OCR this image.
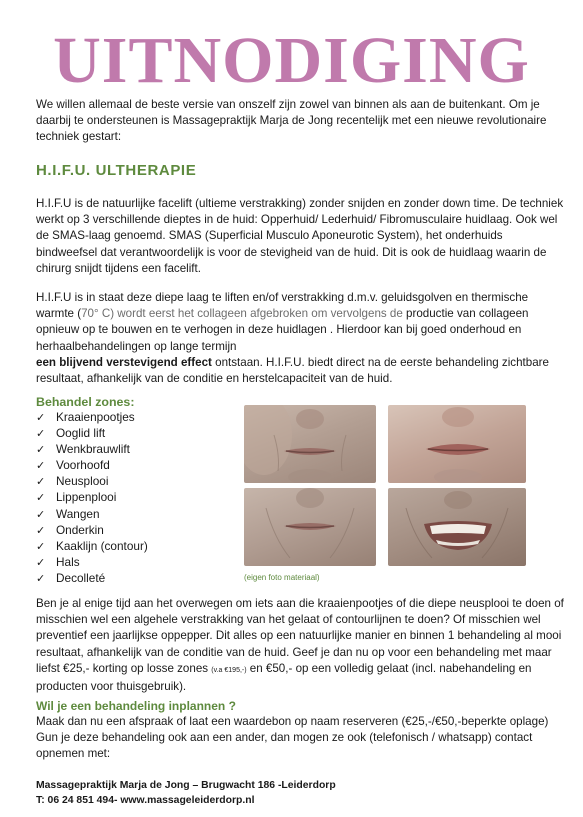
UITNODIGING

We willen allemaal de beste versie van onszelf zijn zowel van binnen als aan de buitenkant. Om je daarbij te ondersteunen is Massagepraktijk Marja de Jong recentelijk met een nieuwe revolutionaire techniek gestart:

H.I.F.U. ULTHERAPIE

H.I.F.U is de natuurlijke facelift (ultieme verstrakking) zonder snijden en zonder down time. De techniek werkt op 3 verschillende dieptes in de huid: Opperhuid/ Lederhuid/ Fibromusculaire huidlaag. Ook wel de SMAS-laag genoemd. SMAS (Superficial Musculo Aponeurotic System), het onderhuids bindweefsel dat verantwoordelijk is voor de stevigheid van de huid. Dit is ook de huidlaag waarin de chirurg snijdt tijdens een facelift.

H.I.F.U is in staat deze diepe laag te liften en/of verstrakking d.m.v. geluidsgolven en thermische warmte (70° C) wordt eerst het collageen afgebroken om vervolgens de productie van collageen opnieuw op te bouwen en te verhogen in deze huidlagen . Hierdoor kan bij goed onderhoud en herhaalbehandelingen op lange termijn
een blijvend verstevigend effect ontstaan. H.I.F.U. biedt direct na de eerste behandeling zichtbare resultaat, afhankelijk van de conditie en herstelcapaciteit van de huid.

Behandel zones:
✓ Kraaienpootjes
✓ Ooglid lift
✓ Wenkbrauwlift
✓ Voorhoofd
✓ Neusplooi
✓ Lippenplooi
✓ Wangen
✓ Onderkin
✓ Kaaklijn (contour)
✓ Hals
✓ Decolleté	(eigen foto materiaal)

Ben je al enige tijd aan het overwegen om iets aan die kraaienpootjes of die diepe neusplooi te doen of misschien wel een algehele verstrakking van het gelaat of contourlijnen te doen? Of misschien wel preventief een jaarlijkse oppepper. Dit alles op een natuurlijke manier en binnen 1 behandeling al mooi resultaat, afhankelijk van de conditie van de huid. Geef je dan nu op voor een behandeling met maar liefst €25,- korting op losse zones (v.a €195,-) en €50,- op een volledig gelaat (incl. nabehandeling en producten voor thuisgebruik).

Wil je een behandeling inplannen ?

Maak dan nu een afspraak of laat een waardebon op naam reserveren (€25,-/€50,-beperkte oplage) Gun je deze behandeling ook aan een ander, dan mogen ze ook (telefonisch / whatsapp) contact opnemen met:

Massagepraktijk Marja de Jong – Brugwacht 186 -Leiderdorp
T: 06 24 851 494- www.massageleiderdorp.nl
